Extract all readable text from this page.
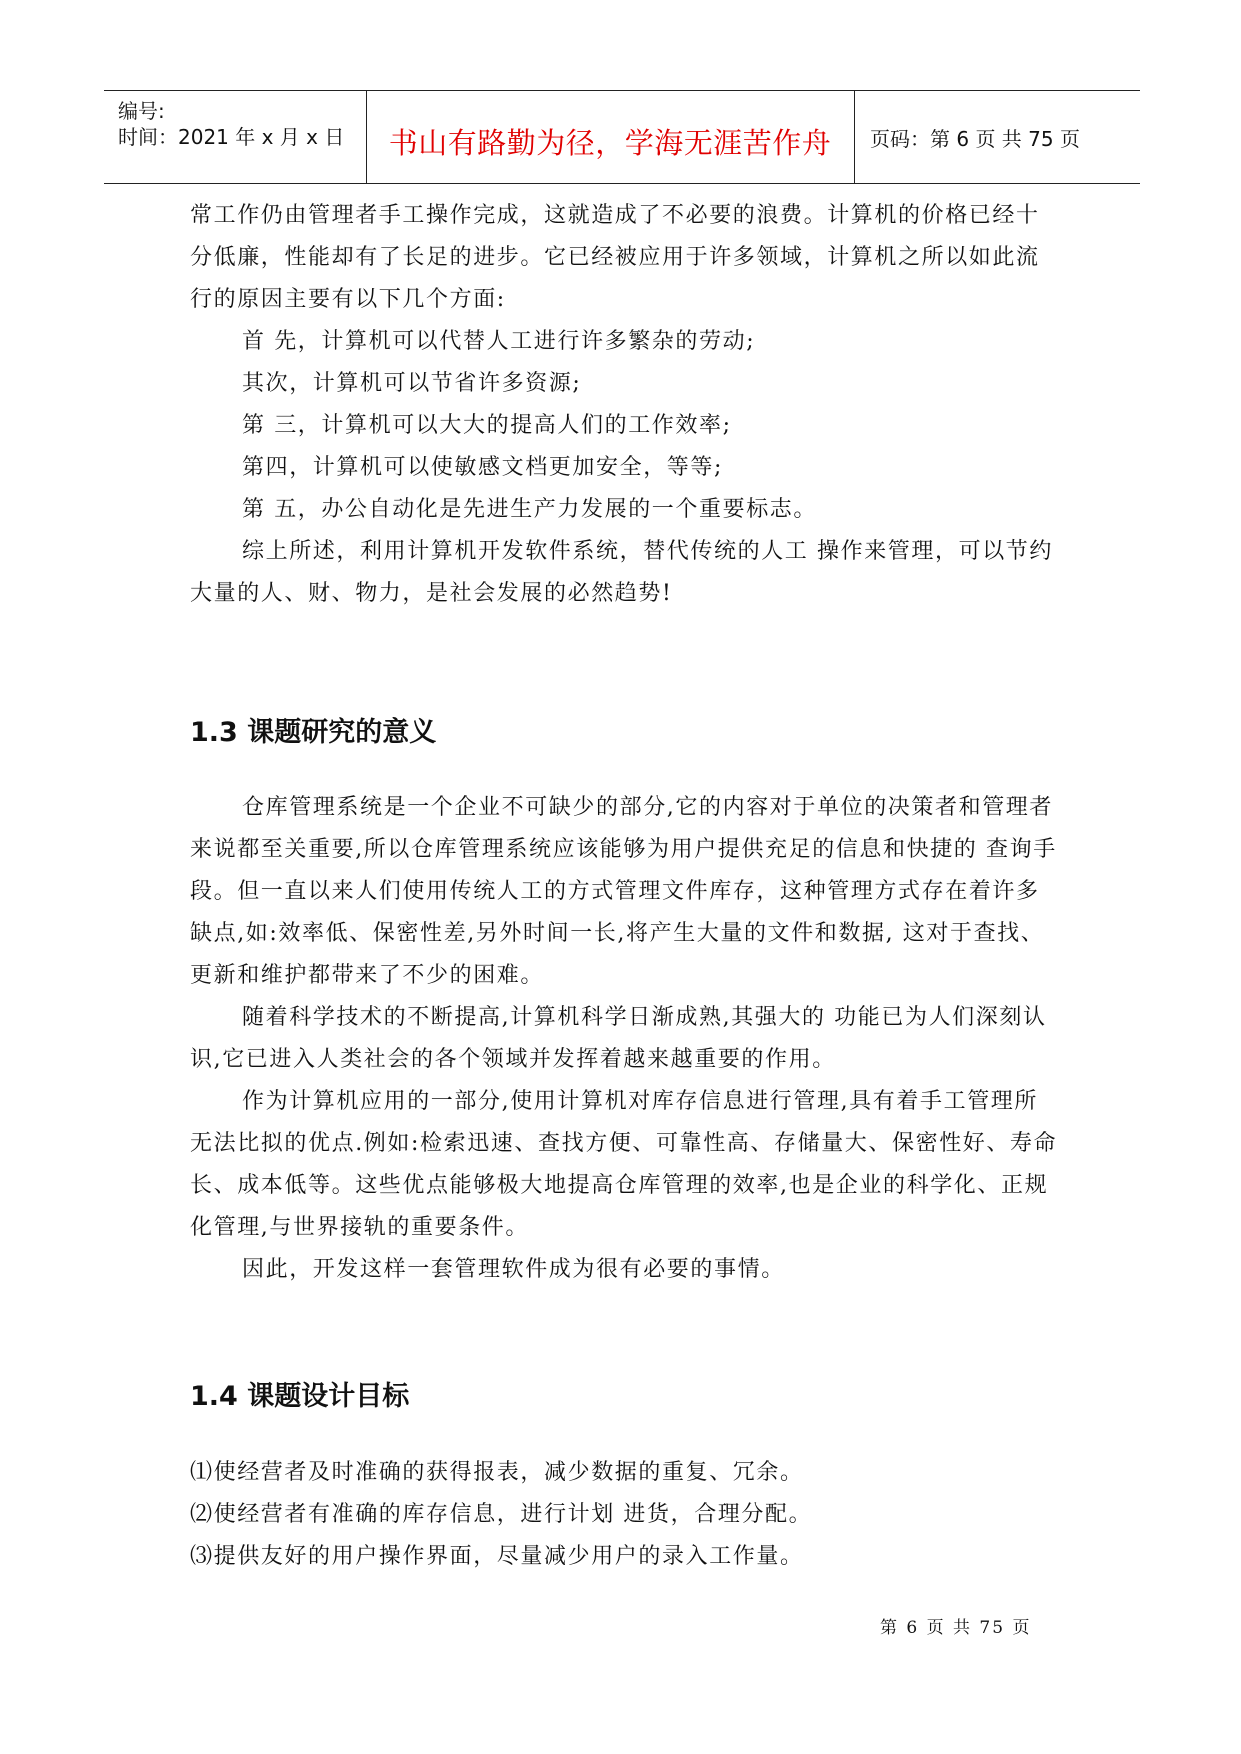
编号:
时间：2021 年 x 月 x 日	书山有路勤为径，学海无涯苦作舟	页码：第 6 页 共 75 页

常工作仍由管理者手工操作完成，这就造成了不必要的浪费。计算机的价格已经十 分低廉，性能却有了长足的进步。它已经被应用于许多领域，计算机之所以如此流行的原因主要有以下几个方面:

首 先，计算机可以代替人工进行许多繁杂的劳动;

其次，计算机可以节省许多资源;

第 三，计算机可以大大的提高人们的工作效率;

第四，计算机可以使敏感文档更加安全，等等;

第 五，办公自动化是先进生产力发展的一个重要标志。

综上所述，利用计算机开发软件系统，替代传统的人工 操作来管理，可以节约大量的人、财、物力，是社会发展的必然趋势!

1.3 课题研究的意义

仓库管理系统是一个企业不可缺少的部分,它的内容对于单位的决策者和管理者来说都至关重要,所以仓库管理系统应该能够为用户提供充足的信息和快捷的 查询手段。但一直以来人们使用传统人工的方式管理文件库存，这种管理方式存在着许多缺点,如:效率低、保密性差,另外时间一长,将产生大量的文件和数据, 这对于查找、更新和维护都带来了不少的困难。

随着科学技术的不断提高,计算机科学日渐成熟,其强大的 功能已为人们深刻认识,它已进入人类社会的各个领域并发挥着越来越重要的作用。

作为计算机应用的一部分,使用计算机对库存信息进行管理,具有着手工管理所无法比拟的优点.例如:检索迅速、查找方便、可靠性高、存储量大、保密性好、寿命长、成本低等。这些优点能够极大地提高仓库管理的效率,也是企业的科学化、正规化管理,与世界接轨的重要条件。

因此，开发这样一套管理软件成为很有必要的事情。

1.4 课题设计目标

⑴使经营者及时准确的获得报表，减少数据的重复、冗余。

⑵使经营者有准确的库存信息，进行计划 进货，合理分配。

⑶提供友好的用户操作界面，尽量减少用户的录入工作量。

第 6 页 共 75 页
